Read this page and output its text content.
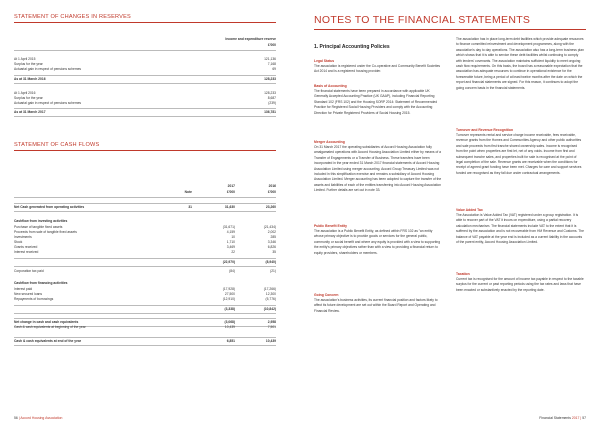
STATEMENT OF CHANGES IN RESERVES
Income and expenditure reserve
£'000
At 1 April 2015	121,136
Surplus for the year	7,168
Actuarial gain in respect of pensions schemes	69
As at 31 March 2016	128,233
At 1 April 2016	128,233
Surplus for the year	8,687
Actuarial gain in respect of pensions schemes	(239)
As at 31 March 2017	136,781
STATEMENT OF CASH FLOWS
2017	2016
Note	£'000	£'000
Net Cash generated from operating activities	31	31,630	23,260
Cashflow from investing activities
Purchase of tangible fixed assets	(31,671)	(21,434)
Proceeds from sale of tangible fixed assets	4,159	2,002
Investments	10	285
Stock	1,710	3,346
Grants received	3,469	6,826
Interest received	22	35
(22,970)	(8,940)
Corporation tax paid	(84)	(21)
Cashflow from financing activities
Interest paid	(17,928)	(17,266)
New secured loans	27,500	12,300
Repayments of borrowings	(12,910)	(5,776)
(3,338)	(10,842)
Net change in cash and cash equivalents	(3,068)	2,958
Cash & cash equivalents at beginning of the year	10,439	7,501
Cash & cash equivalents at end of the year	6,851	10,439
56 | Accord Housing Association
NOTES TO THE FINANCIAL STATEMENTS
1. Principal Accounting Policies
Legal Status
The association is registered under the Co-operative and Community Benefit Societies Act 2014 and is a registered housing provider.
Basis of Accounting
The financial statements have been prepared in accordance with applicable UK Generally Accepted Accounting Practice (UK GAAP), including Financial Reporting Standard 102 (FRS 102) and the Housing SORP 2014: Statement of Recommended Practice for Registered Social Housing Providers and comply with the Accounting Direction for Private Registered Providers of Social Housing 2015.
Merger Accounting
On 31 March 2017 the operating subsidiaries of Accord Housing Association fully amalgamated operations with Accord Housing Association Limited either by means of a Transfer of Engagements or a Transfer of Business. These transfers have been incorporated in the year ended 31 March 2017 financial statements of Accord Housing Association Limited using merger accounting. Accord Group Treasury Limited was not included in this simplification exercise and remains a subsidiary of Accord Housing Association Limited. Merger accounting has been adopted to capture the transfer of the assets and liabilities of each of the entities transferring into Accord Housing Association Limited. Further details are set out in note 33.
Public Benefit Entity
The association is a Public Benefit Entity, as defined within FRS 102 as "an entity whose primary objective is to provide goods or services for the general public, community or social benefit and where any equity is provided with a view to supporting the entity's primary objectives rather than with a view to providing a financial return to equity providers, shareholders or members.
Going Concern
The association's business activities, its current financial position and factors likely to affect its future development are set out within the Board Report and Operating and Financial Review.
The association has in place long-term debt facilities which provide adequate resources to finance committed reinvestment and development programmes, along with the association's day to day operations. The association also has a long-term business plan which shows that it is able to service these debt facilities whilst continuing to comply with lenders' covenants. The association maintains sufficient liquidity to meet ongoing cash flow requirements. On this basis, the board has a reasonable expectation that the association has adequate resources to continue in operational existence for the foreseeable future, being a period of at least twelve months after the date on which the report and financial statements are signed. For this reason, it continues to adopt the going concern basis in the financial statements.
Turnover and Revenue Recognition
Turnover represents rental and service charge income receivable, fees receivable, revenue grants from the Homes and Communities Agency and other public authorities and sale proceeds from first tranche shared ownership sales. Income is recognised from the point when properties are first let, net of any voids. Income from first and subsequent tranche sales, and properties built for sale is recognised at the point of legal completion of the sale. Revenue grants are receivable when the conditions for receipt of agreed grant funding have been met. Charges for care and support services funded are recognised as they fall due under contractual arrangements.
Value Added Tax
The Association is Value Added Tax (VAT) registered under a group registration. It is able to recover part of the VAT it incurs on expenditure, using a partial recovery calculation mechanism. The financial statements include VAT to the extent that it is suffered by the association and is not recoverable from HM Revenue and Customs. The balance of VAT payable at the year end is included as a current liability in the accounts of the parent entity, Accord Housing Association Limited.
Taxation
Current tax is recognised for the amount of income tax payable in respect to the taxable surplus for the current or past reporting periods using the tax rates and laws that have been enacted or substantively enacted by the reporting date.
Financial Statements 2017 | 57
